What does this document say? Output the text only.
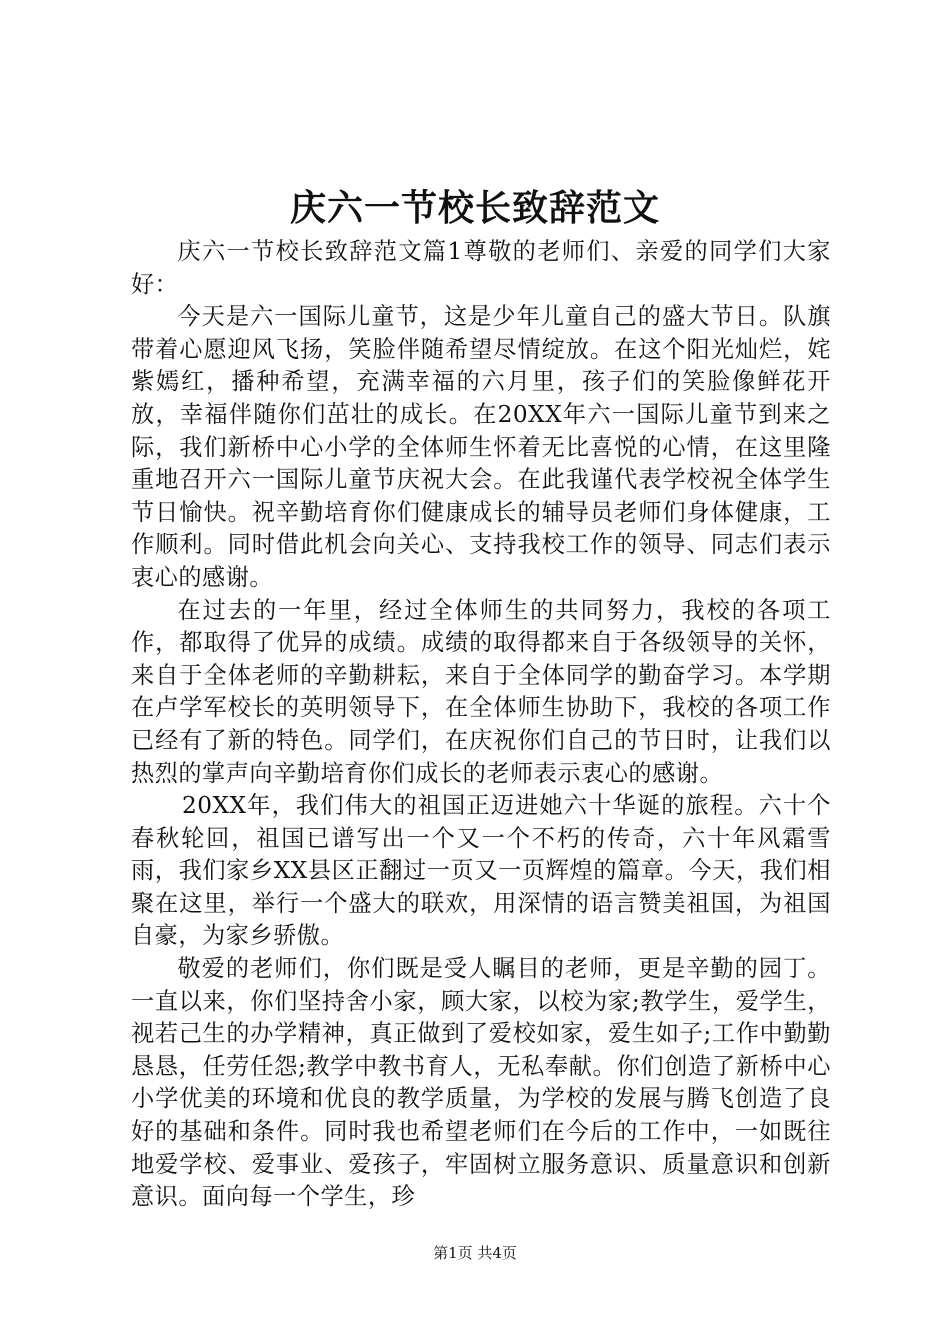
庆六一节校长致辞范文

庆六一节校长致辞范文篇1尊敬的老师们、亲爱的同学们大家好：

今天是六一国际儿童节，这是少年儿童自己的盛大节日。队旗带着心愿迎风飞扬，笑脸伴随希望尽情绽放。在这个阳光灿烂，姹紫嫣红，播种希望，充满幸福的六月里，孩子们的笑脸像鲜花开放，幸福伴随你们茁壮的成长。在20XX年六一国际儿童节到来之际，我们新桥中心小学的全体师生怀着无比喜悦的心情，在这里隆重地召开六一国际儿童节庆祝大会。在此我谨代表学校祝全体学生节日愉快。祝辛勤培育你们健康成长的辅导员老师们身体健康，工作顺利。同时借此机会向关心、支持我校工作的领导、同志们表示衷心的感谢。

在过去的一年里，经过全体师生的共同努力，我校的各项工作，都取得了优异的成绩。成绩的取得都来自于各级领导的关怀，来自于全体老师的辛勤耕耘，来自于全体同学的勤奋学习。本学期在卢学军校长的英明领导下，在全体师生协助下，我校的各项工作已经有了新的特色。同学们，在庆祝你们自己的节日时，让我们以热烈的掌声向辛勤培育你们成长的老师表示衷心的感谢。

20XX年，我们伟大的祖国正迈进她六十华诞的旅程。六十个春秋轮回，祖国已谱写出一个又一个不朽的传奇，六十年风霜雪雨，我们家乡XX县区正翻过一页又一页辉煌的篇章。今天，我们相聚在这里，举行一个盛大的联欢，用深情的语言赞美祖国，为祖国自豪，为家乡骄傲。

敬爱的老师们，你们既是受人瞩目的老师，更是辛勤的园丁。一直以来，你们坚持舍小家，顾大家，以校为家;教学生，爱学生，视若己生的办学精神，真正做到了爱校如家，爱生如子;工作中勤勤恳恳，任劳任怨;教学中教书育人，无私奉献。你们创造了新桥中心小学优美的环境和优良的教学质量，为学校的发展与腾飞创造了良好的基础和条件。同时我也希望老师们在今后的工作中，一如既往地爱学校、爱事业、爱孩子，牢固树立服务意识、质量意识和创新意识。面向每一个学生，珍

第1页 共4页
